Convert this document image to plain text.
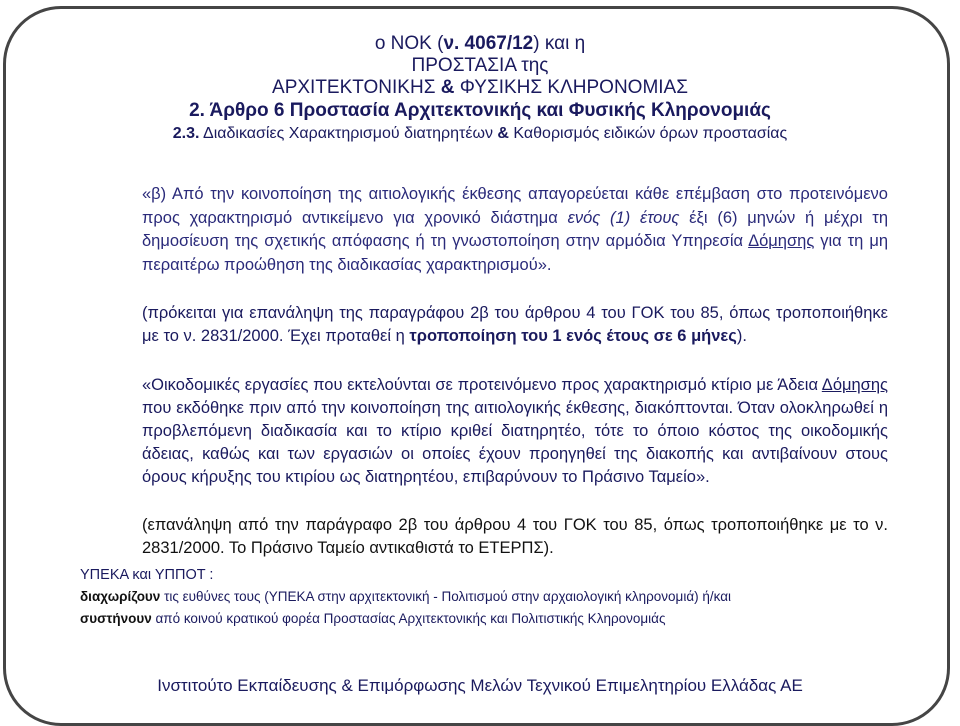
ο ΝΟΚ (ν. 4067/12) και η
ΠΡΟΣΤΑΣΙΑ της
ΑΡΧΙΤΕΚΤΟΝΙΚΗΣ & ΦΥΣΙΚΗΣ ΚΛΗΡΟΝΟΜΙΑΣ
2. Άρθρο 6 Προστασία Αρχιτεκτονικής και Φυσικής Κληρονομιάς
2.3. Διαδικασίες Χαρακτηρισμού διατηρητέων & Καθορισμός ειδικών όρων προστασίας
«β) Από την κοινοποίηση της αιτιολογικής έκθεσης απαγορεύεται κάθε επέμβαση στο προτεινόμενο προς χαρακτηρισμό αντικείμενο για χρονικό διάστημα ενός (1) έτους έξι (6) μηνών ή μέχρι τη δημοσίευση της σχετικής απόφασης ή τη γνωστοποίηση στην αρμόδια Υπηρεσία Δόμησης για τη μη περαιτέρω προώθηση της διαδικασίας χαρακτηρισμού».
(πρόκειται για επανάληψη της παραγράφου 2β του άρθρου 4 του ΓΟΚ του 85, όπως τροποποιήθηκε με το ν. 2831/2000. Έχει προταθεί η τροποποίηση του 1 ενός έτους σε 6 μήνες).
«Οικοδομικές εργασίες που εκτελούνται σε προτεινόμενο προς χαρακτηρισμό κτίριο με Άδεια Δόμησης που εκδόθηκε πριν από την κοινοποίηση της αιτιολογικής έκθεσης, διακόπτονται. Όταν ολοκληρωθεί η προβλεπόμενη διαδικασία και το κτίριο κριθεί διατηρητέο, τότε το όποιο κόστος της οικοδομικής άδειας, καθώς και των εργασιών οι οποίες έχουν προηγηθεί της διακοπής και αντιβαίνουν στους όρους κήρυξης του κτιρίου ως διατηρητέου, επιβαρύνουν το Πράσινο Ταμείο».
(επανάληψη από την παράγραφο 2β του άρθρου 4 του ΓΟΚ του 85, όπως τροποποιήθηκε με το ν. 2831/2000. Το Πράσινο Ταμείο αντικαθιστά το ΕΤΕΡΠΣ).
ΥΠΕΚΑ και ΥΠΠΟΤ :
διαχωρίζουν τις ευθύνες τους (ΥΠΕΚΑ στην αρχιτεκτονική - Πολιτισμού στην αρχαιολογική κληρονομιά) ή/και
συστήνουν από κοινού κρατικού φορέα Προστασίας Αρχιτεκτονικής και Πολιτιστικής Κληρονομιάς
Ινστιτούτο Εκπαίδευσης & Επιμόρφωσης Μελών Τεχνικού Επιμελητηρίου Ελλάδας ΑΕ
